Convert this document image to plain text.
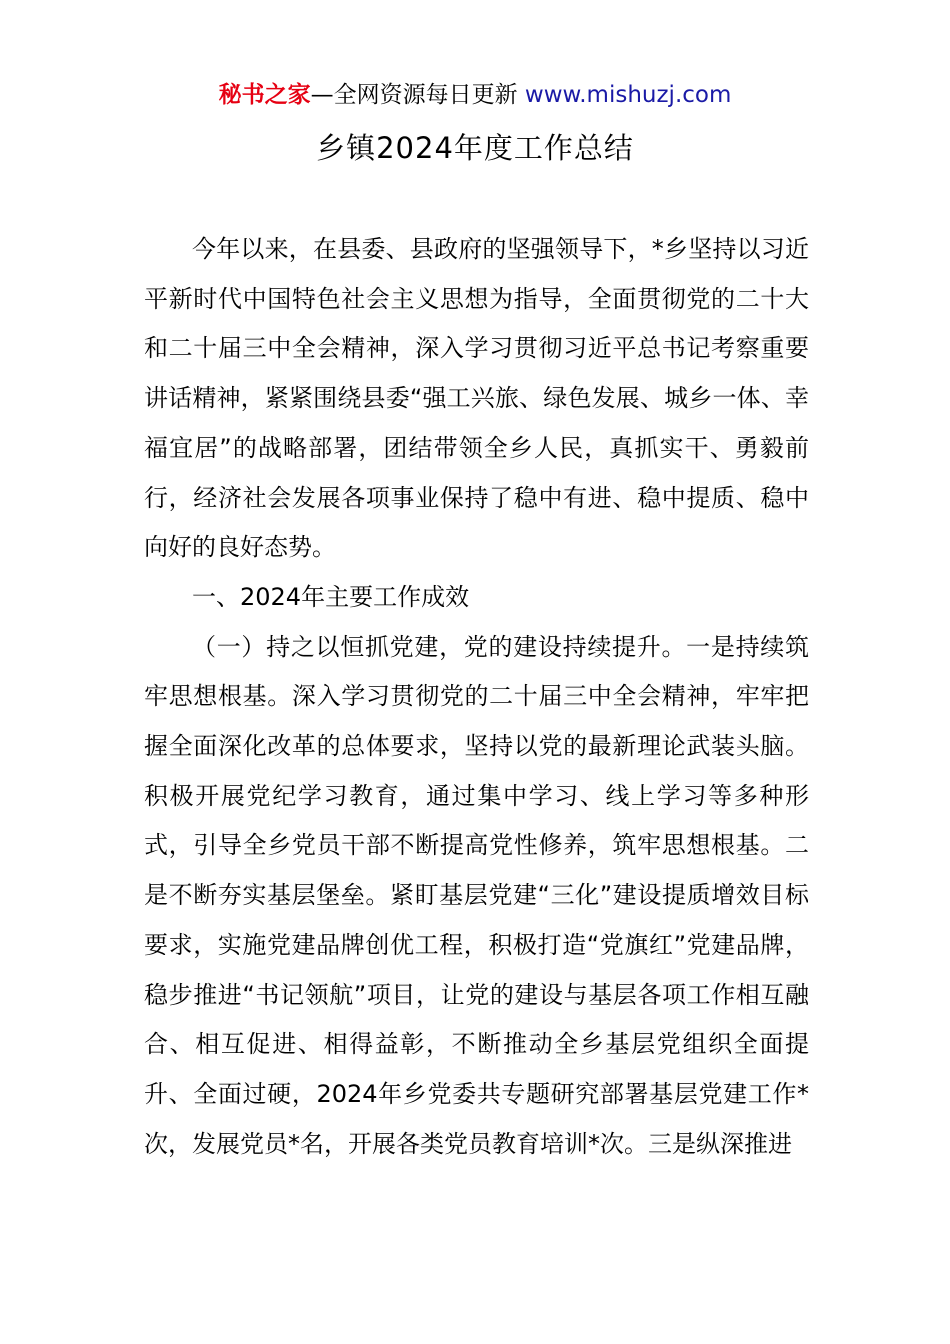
秘书之家—全网资源每日更新 www.mishuzj.com
乡镇2024年度工作总结

今年以来，在县委、县政府的坚强领导下，*乡坚持以习近平新时代中国特色社会主义思想为指导，全面贯彻党的二十大和二十届三中全会精神，深入学习贯彻习近平总书记考察重要讲话精神，紧紧围绕县委“强工兴旅、绿色发展、城乡一体、幸福宜居”的战略部署，团结带领全乡人民，真抓实干、勇毅前行，经济社会发展各项事业保持了稳中有进、稳中提质、稳中向好的良好态势。

一、2024年主要工作成效

（一）持之以恒抓党建，党的建设持续提升。一是持续筑牢思想根基。深入学习贯彻党的二十届三中全会精神，牢牢把握全面深化改革的总体要求，坚持以党的最新理论武装头脑。积极开展党纪学习教育，通过集中学习、线上学习等多种形式，引导全乡党员干部不断提高党性修养，筑牢思想根基。二是不断夯实基层堡垒。紧盯基层党建“三化”建设提质增效目标要求，实施党建品牌创优工程，积极打造“党旗红”党建品牌，稳步推进“书记领航”项目，让党的建设与基层各项工作相互融合、相互促进、相得益彰，不断推动全乡基层党组织全面提升、全面过硬，2024年乡党委共专题研究部署基层党建工作*次，发展党员*名，开展各类党员教育培训*次。三是纵深推进
